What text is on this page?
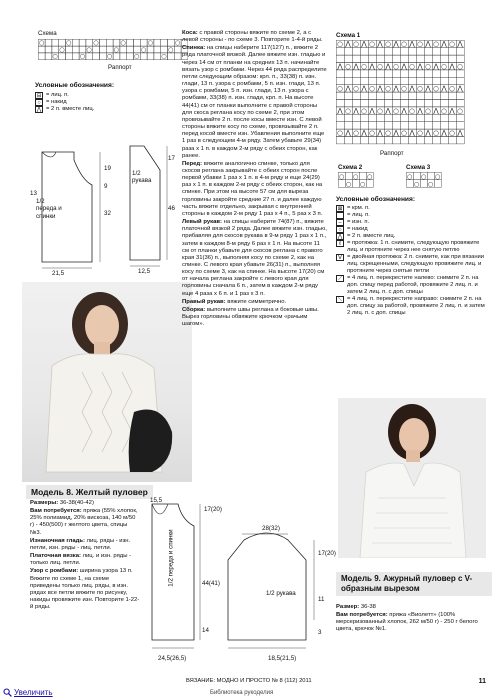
Схема
○	○	○	○	○	○
○	○	○	○	○
○	○	○	○	○
Раппорт
Условные обозначения:
⊟ = лиц. п.
○ = накид
⋀ = 2 п. вместе лиц.
1/2 переда и спинки
1/2 рукава
19
9
13
32
17
46
21,5	12,5
Модель 8. Желтый пуловер

Размеры: 36-38(40-42)

Вам потребуется: пряжа (55% хлопок, 25% полиамид, 20% вискоза, 140 м/50 г) - 450(500) г желтого цвета, спицы №3.

Изнаночная гладь: лиц. ряды - изн. петли, изн. ряды - лиц. петли.

Платочная вязка: лиц. и изн. ряды - только лиц. петли.

Узор с ромбами: ширина узора 13 п. Вяжите по схеме 1, на схеме приведены только лиц. ряды, в изн. рядах все петли вяжите по рисунку, накиды провяжите изн. Повторите 1-22-й ряды.

15,5
17(20)
1/2 переда и спинки	44(41)
14
24,5(26,5)
28(32)
1/2 рукава
17(20)
11
3
18,5(21,5)

Коса: с правой стороны вяжите по схеме 2, а с левой стороны - по схеме 3. Повторите 1-4-й ряды.

Спинка: на спицы наберите 117(127) п., вяжите 2 ряда платочной вязкой. Далее вяжите изн. гладью и через 14 см от планки на средних 13 п. начинайте вязать узор с ромбами. Через 44 ряда распределите петли следующим образом: крл. п., 33(38) п. изн. глади, 13 п. узора с ромбами, 5 п. изн. глади, 13 п. узора с ромбами, 5 п. изн. глади, 13 п. узора с ромбами, 33(38) п. изн. глади, крл. п. На высоте 44(41) см от планки выполните с правой стороны для скоса реглана косу по схеме 2, при этом провязывайте 2 п. после косы вместе изн. С левой стороны вяжите косу по схеме, провязывайте 2 п. перед косой вместе изн. Убавления выполните еще 1 раз в следующем 4-м ряду. Затем убавьте 29(34) раза x 1 п. в каждом 2-м ряду с обеих сторон, как ранее.

Перед: вяжите аналогично спинке, только для скосов реглана закрывайте с обеих сторон после первой убавки 1 раз x 1 п. в 4-м ряду и еще 24(29) раз x 1 п. в каждом 2-м ряду с обеих сторон, как на спинке. При этом на высоте 57 см для выреза горловины закройте средние 27 п. и далее каждую часть вяжите отдельно, закрывая с внутренней стороны в каждом 2-м ряду 1 раз x 4 п., 5 раз x 3 п.

Левый рукав: на спицы наберите 74(87) п., вяжите платочной вязкой 2 ряда. Далее вяжите изн. гладью, прибавляя для скосов рукава в 9-м ряду 1 раз x 1 п., затем в каждом 8-м ряду 6 раз x 1 п. На высоте 11 см от планки убавьте для скосов реглана с правого края 31(36) п., выполняя косу по схеме 2, как на спинке. С левого края убавьте 26(31) п., выполняя косу по схеме 3, как на спинке. На высоте 17(20) см от начала реглана закройте с левого края для горловины сначала 6 п., затем в каждом 2-м ряду еще 4 раза x 6 п. и 1 раз x 3 п.

Правый рукав: вяжите симметрично.

Сборка: выполните швы реглана и боковые швы. Вырез горловины обвяжите крючком «рачьим шагом».

Схема 1
○ ⋀ ○ ⋀ ○ ⋀ ○ ⋀ ○ ⋀ ○ ⋀ ○ ⋀ ○ ⋀
⋀ ○ ⋀ ○ ⋀ ○ ⋀ ○ ⋀ ○ ⋀ ○ ⋀ ○ ⋀ ○
○ ⋀ ○ ⋀ ○ ⋀ ○ ⋀ ○ ⋀ ○ ⋀ ○ ⋀ ○ ⋀
⋀ ○ ⋀ ○ ⋀ ○ ⋀ ○ ⋀ ○ ⋀ ○ ⋀ ○ ⋀ ○
○ ⋀ ○ ⋀ ○ ⋀ ○ ⋀ ○ ⋀ ○ ⋀ ○ ⋀ ○ ⋀
Раппорт
Схема 2
○ ○ ○
○ ○
Схема 3
○ ○ ○
○ ○
Условные обозначения:
⊠ = крм. п.
= лиц. п.
– = изн. п.
○ = накид
⋀ = 2 п. вместе лиц.
ℓ	= протяжка: 1 п. снимите, следующую провяжите лиц. и протяните через нее снятую петлю
Ⅴ = двойная протяжка: 2 п. снимите, как при вязании лиц. скрещенными, следующую провяжите лиц. и протяните через снятые петли
⟋ = 4 лиц. п. перекрестите налево: снимите 2 п. на доп. спицу перед работой, провяжите 2 лиц. п. и затем 2 лиц. п. с доп. спицы
⟍ = 4 лиц. п. перекрестите направо: снимите 2 п. на доп. спицу за работой, провяжите 2 лиц. п. и затем 2 лиц. п. с доп. спицы
Модель 9. Ажурный пуловер с V-образным вырезом

Размер: 36-38

Вам потребуется: пряжа «Виолетт» (100% мерсеризованный хлопок, 262 м/50 г) - 250 г белого цвета, крючок №1.

ВЯЗАНИЕ: МОДНО И ПРОСТО № 8 (112) 2011	11
Библиотека рукоделия
Увеличить
